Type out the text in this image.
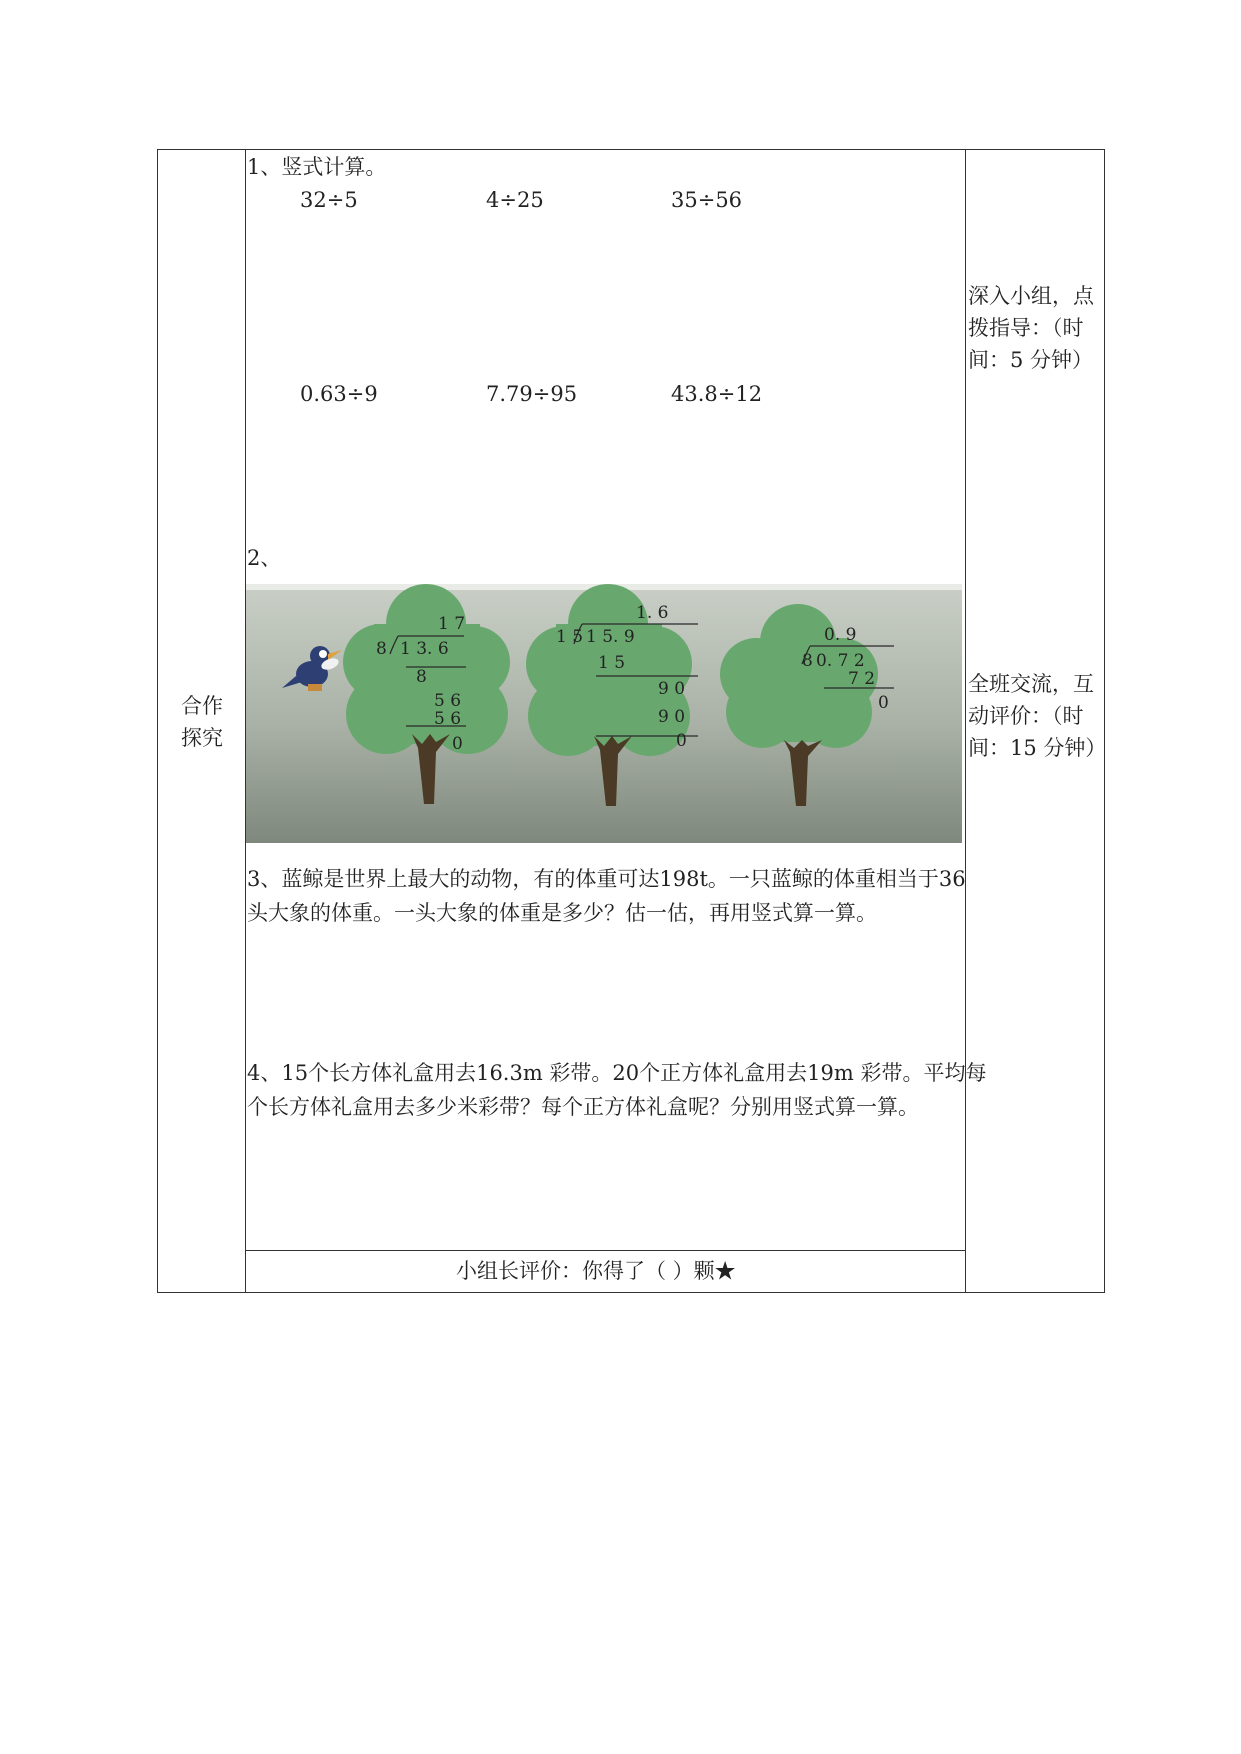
合作
探究
1、竖式计算。
32÷5	4÷25	35÷56
0.63÷9	7.79÷95	43.8÷12
2、
1 7
8 1 3. 6
8
5 6
5 6
0
1. 6
1 5 1 5. 9
1 5
9 0
9 0
0
0. 9
8 0. 7 2
7 2
0
3、蓝鲸是世界上最大的动物，有的体重可达198t。一只蓝鲸的体重相当于36
头大象的体重。一头大象的体重是多少？估一估，再用竖式算一算。
4、15个长方体礼盒用去16.3m 彩带。20个正方体礼盒用去19m 彩带。平均每
个长方体礼盒用去多少米彩带？每个正方体礼盒呢？分别用竖式算一算。
小组长评价：你得了（ ）颗★
深入小组，点
拨指导：（时
间：5 分钟）
全班交流，互
动评价：（时
间：15 分钟）
